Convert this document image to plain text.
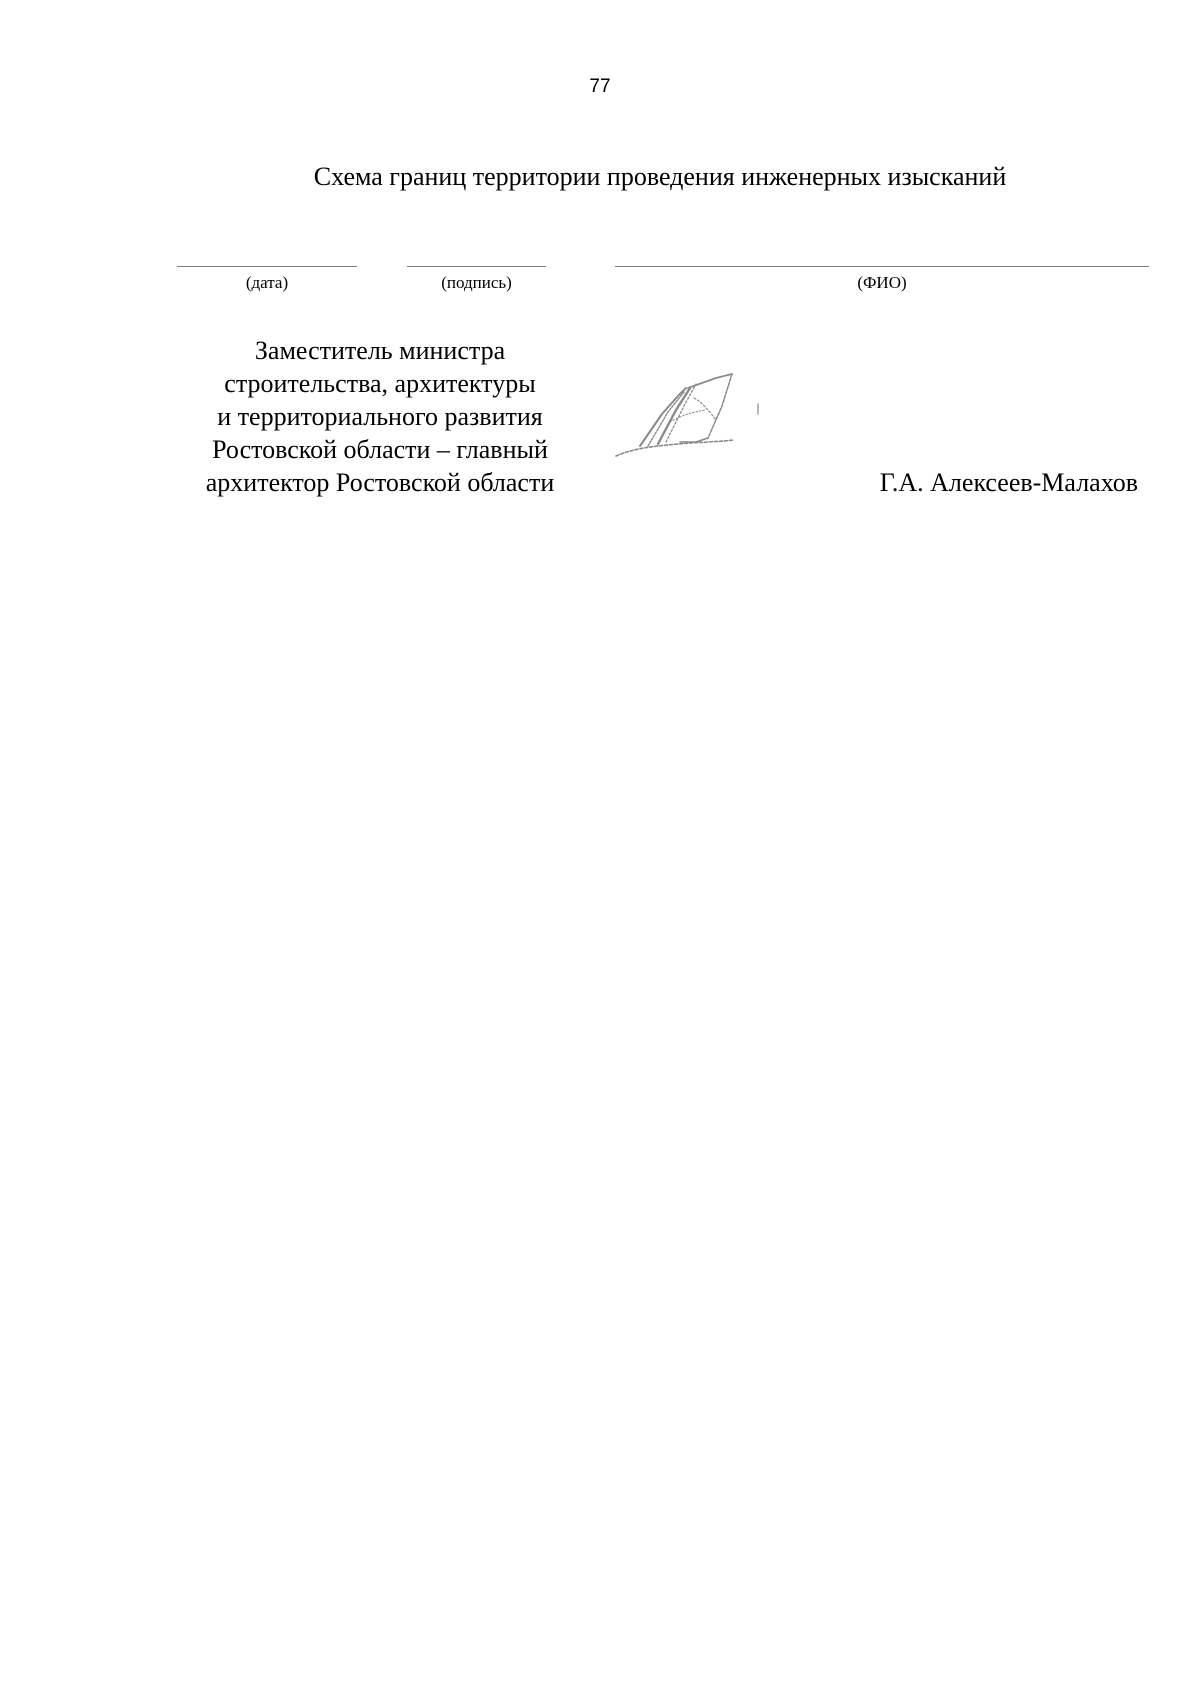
77
Схема границ территории проведения инженерных изысканий
(дата)	(подпись)	(ФИО)
Заместитель министра
строительства, архитектуры
и территориального развития
Ростовской области – главный
архитектор Ростовской области	Г.А. Алексеев-Малахов
